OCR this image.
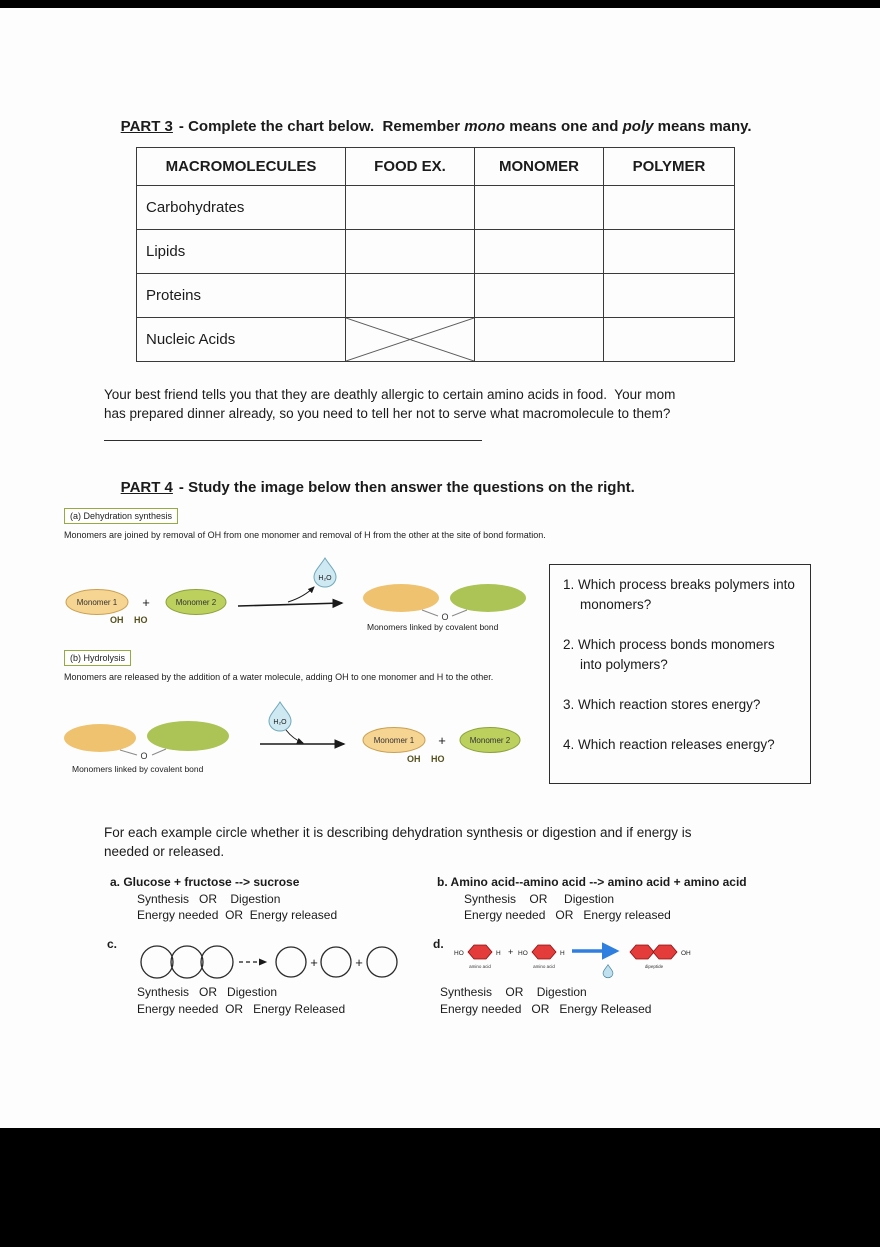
PART 3 - Complete the chart below.  Remember mono means one and poly means many.

MACROMOLECULES	FOOD EX.	MONOMER	POLYMER
Carbohydrates			
Lipids			
Proteins			
Nucleic Acids	

Your best friend tells you that they are deathly allergic to certain amino acids in food.  Your mom
has prepared dinner already, so you need to tell her not to serve what macromolecule to them?

PART 4 - Study the image below then answer the questions on the right.

(a) Dehydration synthesis
Monomers are joined by removal of OH from one monomer and removal of H from the other at the site of bond formation.
Monomer 1 +	Monomer 2
OH HO
H₂O
O
Monomers linked by covalent bond
(b) Hydrolysis
Monomers are released by the addition of a water molecule, adding OH to one monomer and H to the other.
O
H₂O
Monomer 1 +	Monomer 2
OH HO
Monomers linked by covalent bond
1. Which process breaks polymers into monomers?
2. Which process bonds monomers into polymers?
3. Which reaction stores energy?
4. Which reaction releases energy?
For each example circle whether it is describing dehydration synthesis or digestion and if energy is
needed or released.
a. Glucose + fructose --> sucrose
Synthesis   OR    Digestion
Energy needed  OR  Energy released
b. Amino acid--amino acid --> amino acid + amino acid
Synthesis    OR     Digestion
Energy needed   OR   Energy released
c.
+	+
Synthesis   OR   Digestion
Energy needed  OR   Energy Released
d.
HO	H + HO	H	OH
amino acid	amino acid	dipeptide
Synthesis    OR    Digestion
Energy needed   OR   Energy Released
